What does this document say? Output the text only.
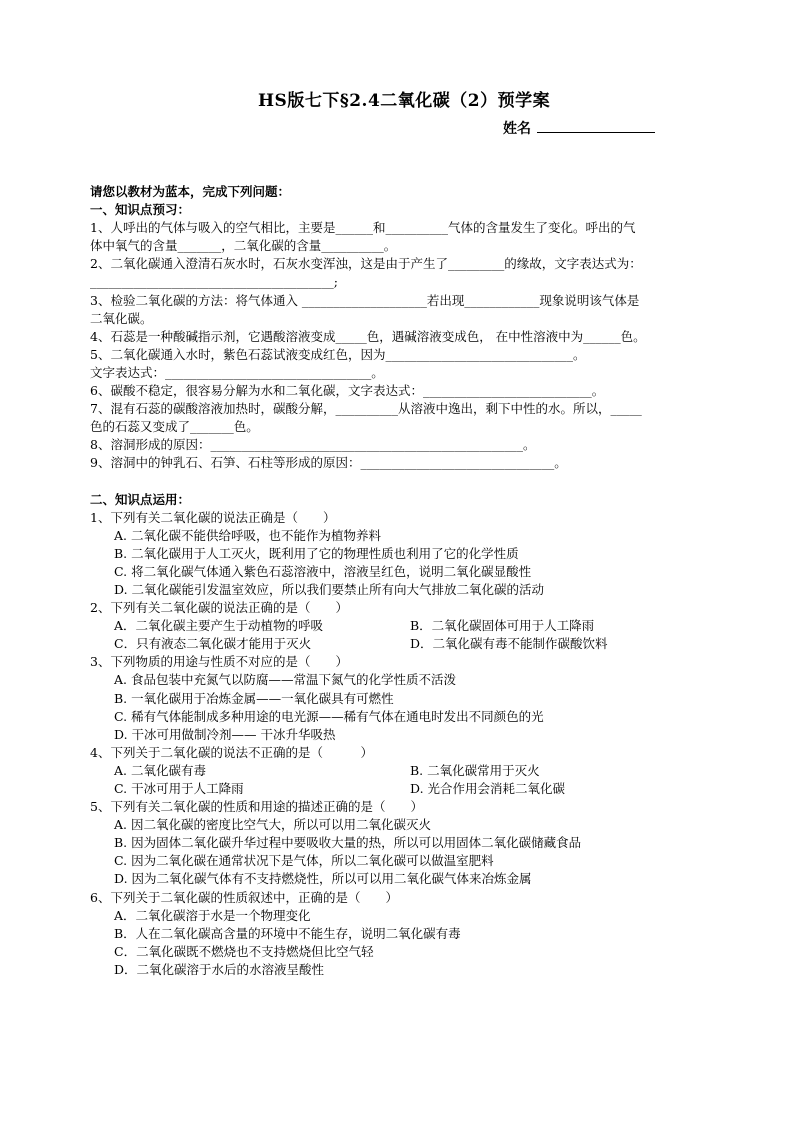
HS版七下§2.4二氧化碳（2）预学案
姓名
请您以教材为蓝本，完成下列问题：
一、知识点预习：
1、人呼出的气体与吸入的空气相比，主要是______和__________气体的含量发生了变化。呼出的气
体中氧气的含量_______，二氧化碳的含量__________。
2、二氧化碳通入澄清石灰水时，石灰水变浑浊，这是由于产生了_________的缘故，文字表达式为：
_______________________________________;
3、检验二氧化碳的方法：将气体通入 ____________________若出现____________现象说明该气体是
二氧化碳。
4、石蕊是一种酸碱指示剂，它遇酸溶液变成_____色，遇碱溶液变成色， 在中性溶液中为______色。
5、二氧化碳通入水时，紫色石蕊试液变成红色，因为______________________________。
文字表达式：_________________________________。
6、碳酸不稳定，很容易分解为水和二氧化碳，文字表达式：___________________________。
7、混有石蕊的碳酸溶液加热时，碳酸分解，__________从溶液中逸出，剩下中性的水。所以，_____
色的石蕊又变成了_______色。
8、溶洞形成的原因：__________________________________________________。
9、溶洞中的钟乳石、石笋、石柱等形成的原因：_______________________________。
二、知识点运用：
1、下列有关二氧化碳的说法正确是（　　）
A. 二氧化碳不能供给呼吸，也不能作为植物养料
B. 二氧化碳用于人工灭火，既利用了它的物理性质也利用了它的化学性质
C. 将二氧化碳气体通入紫色石蕊溶液中，溶液呈红色，说明二氧化碳显酸性
D. 二氧化碳能引发温室效应，所以我们要禁止所有向大气排放二氧化碳的活动
2、下列有关二氧化碳的说法正确的是（　　）
A．二氧化碳主要产生于动植物的呼吸	B．二氧化碳固体可用于人工降雨
C．只有液态二氧化碳才能用于灭火	D．二氧化碳有毒不能制作碳酸饮料
3、下列物质的用途与性质不对应的是（　　）
A. 食品包装中充氮气以防腐——常温下氮气的化学性质不活泼
B. 一氧化碳用于冶炼金属——一氧化碳具有可燃性
C. 稀有气体能制成多种用途的电光源——稀有气体在通电时发出不同颜色的光
D. 干冰可用做制冷剂—— 干冰升华吸热
4、下列关于二氧化碳的说法不正确的是（　　　）
A. 二氧化碳有毒	B. 二氧化碳常用于灭火
C. 干冰可用于人工降雨	D. 光合作用会消耗二氧化碳
5、下列有关二氧化碳的性质和用途的描述正确的是（　　）
A. 因二氧化碳的密度比空气大，所以可以用二氧化碳灭火
B. 因为固体二氧化碳升华过程中要吸收大量的热，所以可以用固体二氧化碳储藏食品
C. 因为二氧化碳在通常状况下是气体，所以二氧化碳可以做温室肥料
D. 因为二氧化碳气体有不支持燃烧性，所以可以用二氧化碳气体来冶炼金属
6、下列关于二氧化碳的性质叙述中，正确的是（　　）
A．二氧化碳溶于水是一个物理变化
B．人在二氧化碳高含量的环境中不能生存，说明二氧化碳有毒
C．二氧化碳既不燃烧也不支持燃烧但比空气轻
D．二氧化碳溶于水后的水溶液呈酸性
